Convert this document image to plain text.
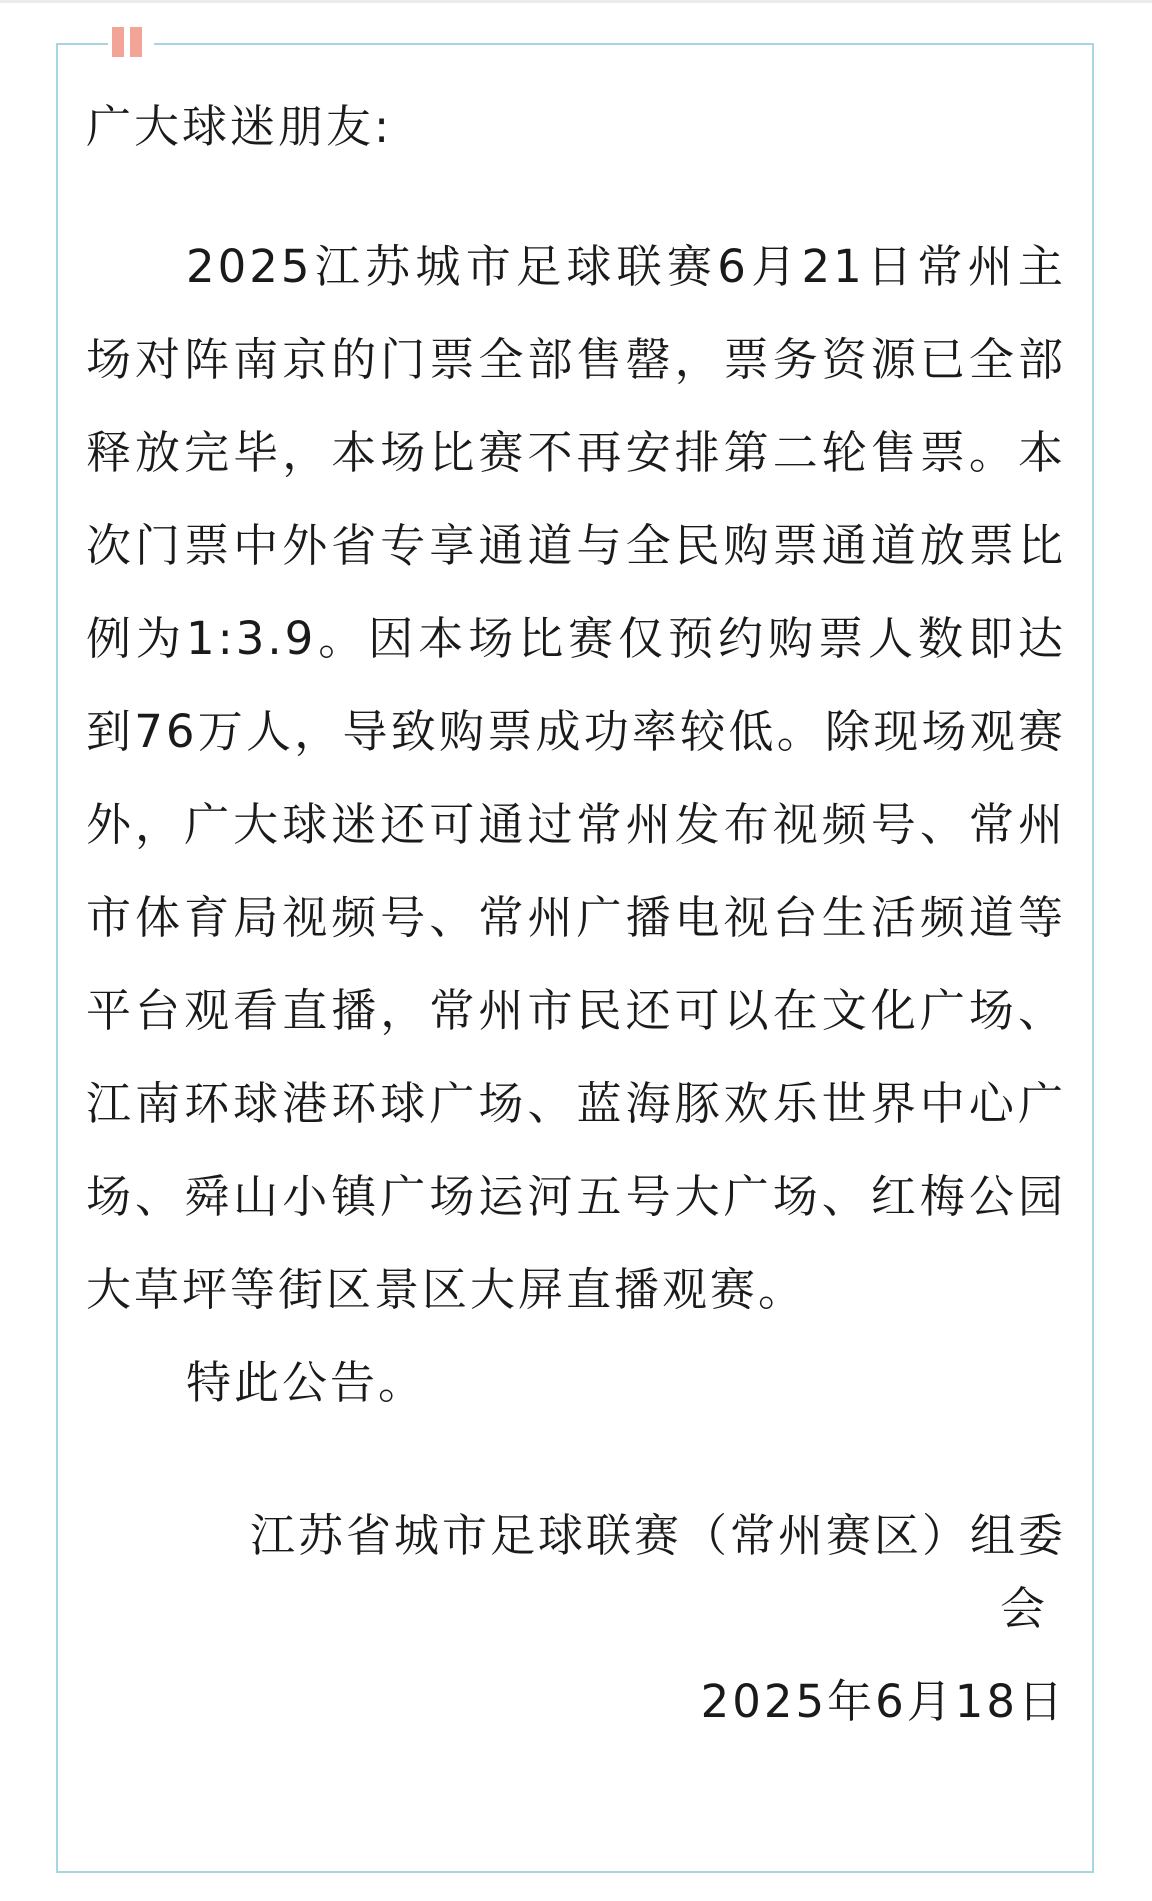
广大球迷朋友:

2025江苏城市足球联赛6月21日常州主场对阵南京的门票全部售罄，票务资源已全部释放完毕，本场比赛不再安排第二轮售票。本次门票中外省专享通道与全民购票通道放票比例为1:3.9。因本场比赛仅预约购票人数即达到76万人，导致购票成功率较低。除现场观赛外，广大球迷还可通过常州发布视频号、常州市体育局视频号、常州广播电视台生活频道等平台观看直播，常州市民还可以在文化广场、江南环球港环球广场、蓝海豚欢乐世界中心广场、舜山小镇广场运河五号大广场、红梅公园大草坪等街区景区大屏直播观赛。

特此公告。

江苏省城市足球联赛（常州赛区）组委

会

2025年6月18日
